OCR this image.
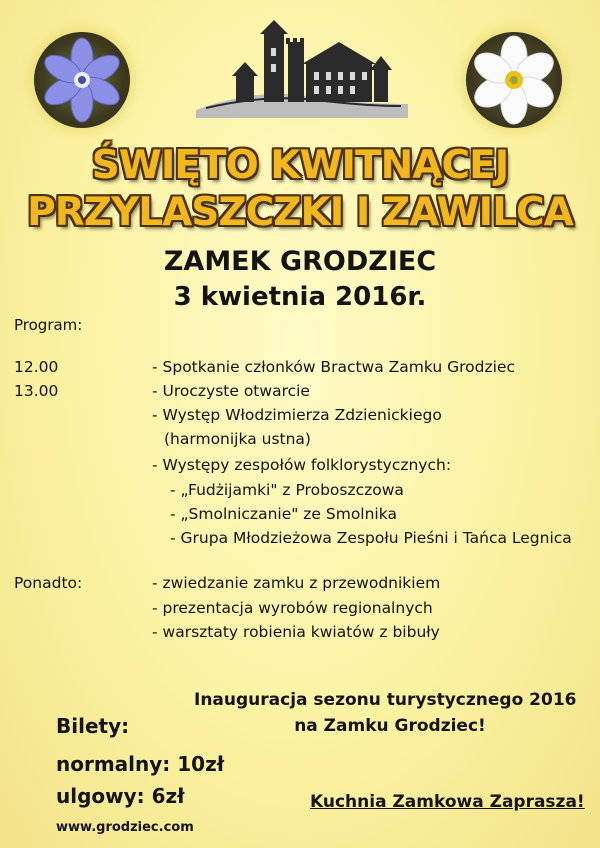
ŚWIĘTO KWITNĄCEJ
PRZYLASZCZKI I ZAWILCA
ZAMEK GRODZIEC
3 kwietnia 2016r.
Program:
12.00
13.00
- Spotkanie członków Bractwa Zamku Grodziec
- Uroczyste otwarcie
- Występ Włodzimierza Zdzienickiego
(harmonijka ustna)
- Występy zespołów folklorystycznych:
- „Fudżijamki" z Proboszczowa
- „Smolniczanie" ze Smolnika
- Grupa Młodzieżowa Zespołu Pieśni i Tańca Legnica
Ponadto:	- zwiedzanie zamku z przewodnikiem
- prezentacja wyrobów regionalnych
- warsztaty robienia kwiatów z bibuły
Inauguracja sezonu turystycznego 2016
na Zamku Grodziec!
Bilety:
normalny: 10zł
ulgowy: 6zł	Kuchnia Zamkowa Zaprasza!
www.grodziec.com
